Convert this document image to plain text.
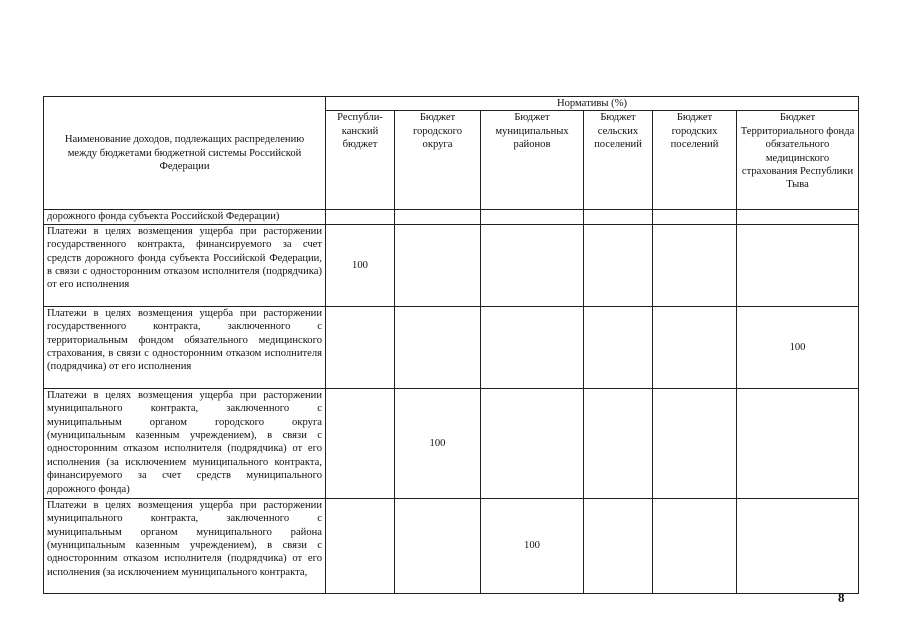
Наименование доходов, подлежащих распределению между бюджетами бюджетной системы Российской Федерации	Нормативы (%)					
	Республи-канский бюджет	Бюджет городского округа	Бюджет муниципальных районов	Бюджет сельских поселений	Бюджет городских поселений	Бюджет Территориального фонда обязательного медицинского страхования Республики Тыва
дорожного фонда субъекта Российской Федерации)						
Платежи в целях возмещения ущерба при расторжении государственного контракта, финансируемого за счет средств дорожного фонда субъекта Российской Федерации, в связи с односторонним отказом исполнителя (подрядчика) от его исполнения	100					
Платежи в целях возмещения ущерба при расторжении государственного контракта, заключенного с территориальным фондом обязательного медицинского страхования, в связи с односторонним отказом исполнителя (подрядчика) от его исполнения						100
Платежи в целях возмещения ущерба при расторжении муниципального контракта, заключенного с муниципальным органом городского округа (муниципальным казенным учреждением), в связи с односторонним отказом исполнителя (подрядчика) от его исполнения (за исключением муниципального контракта, финансируемого за счет средств муниципального дорожного фонда)		100				

Платежи в целях возмещения ущерба при расторжении муниципального контракта, заключенного с муниципальным органом муниципального района (муниципальным казенным учреждением), в связи с односторонним отказом исполнителя (подрядчика) от его исполнения (за исключением муниципального контракта,			100			
8
